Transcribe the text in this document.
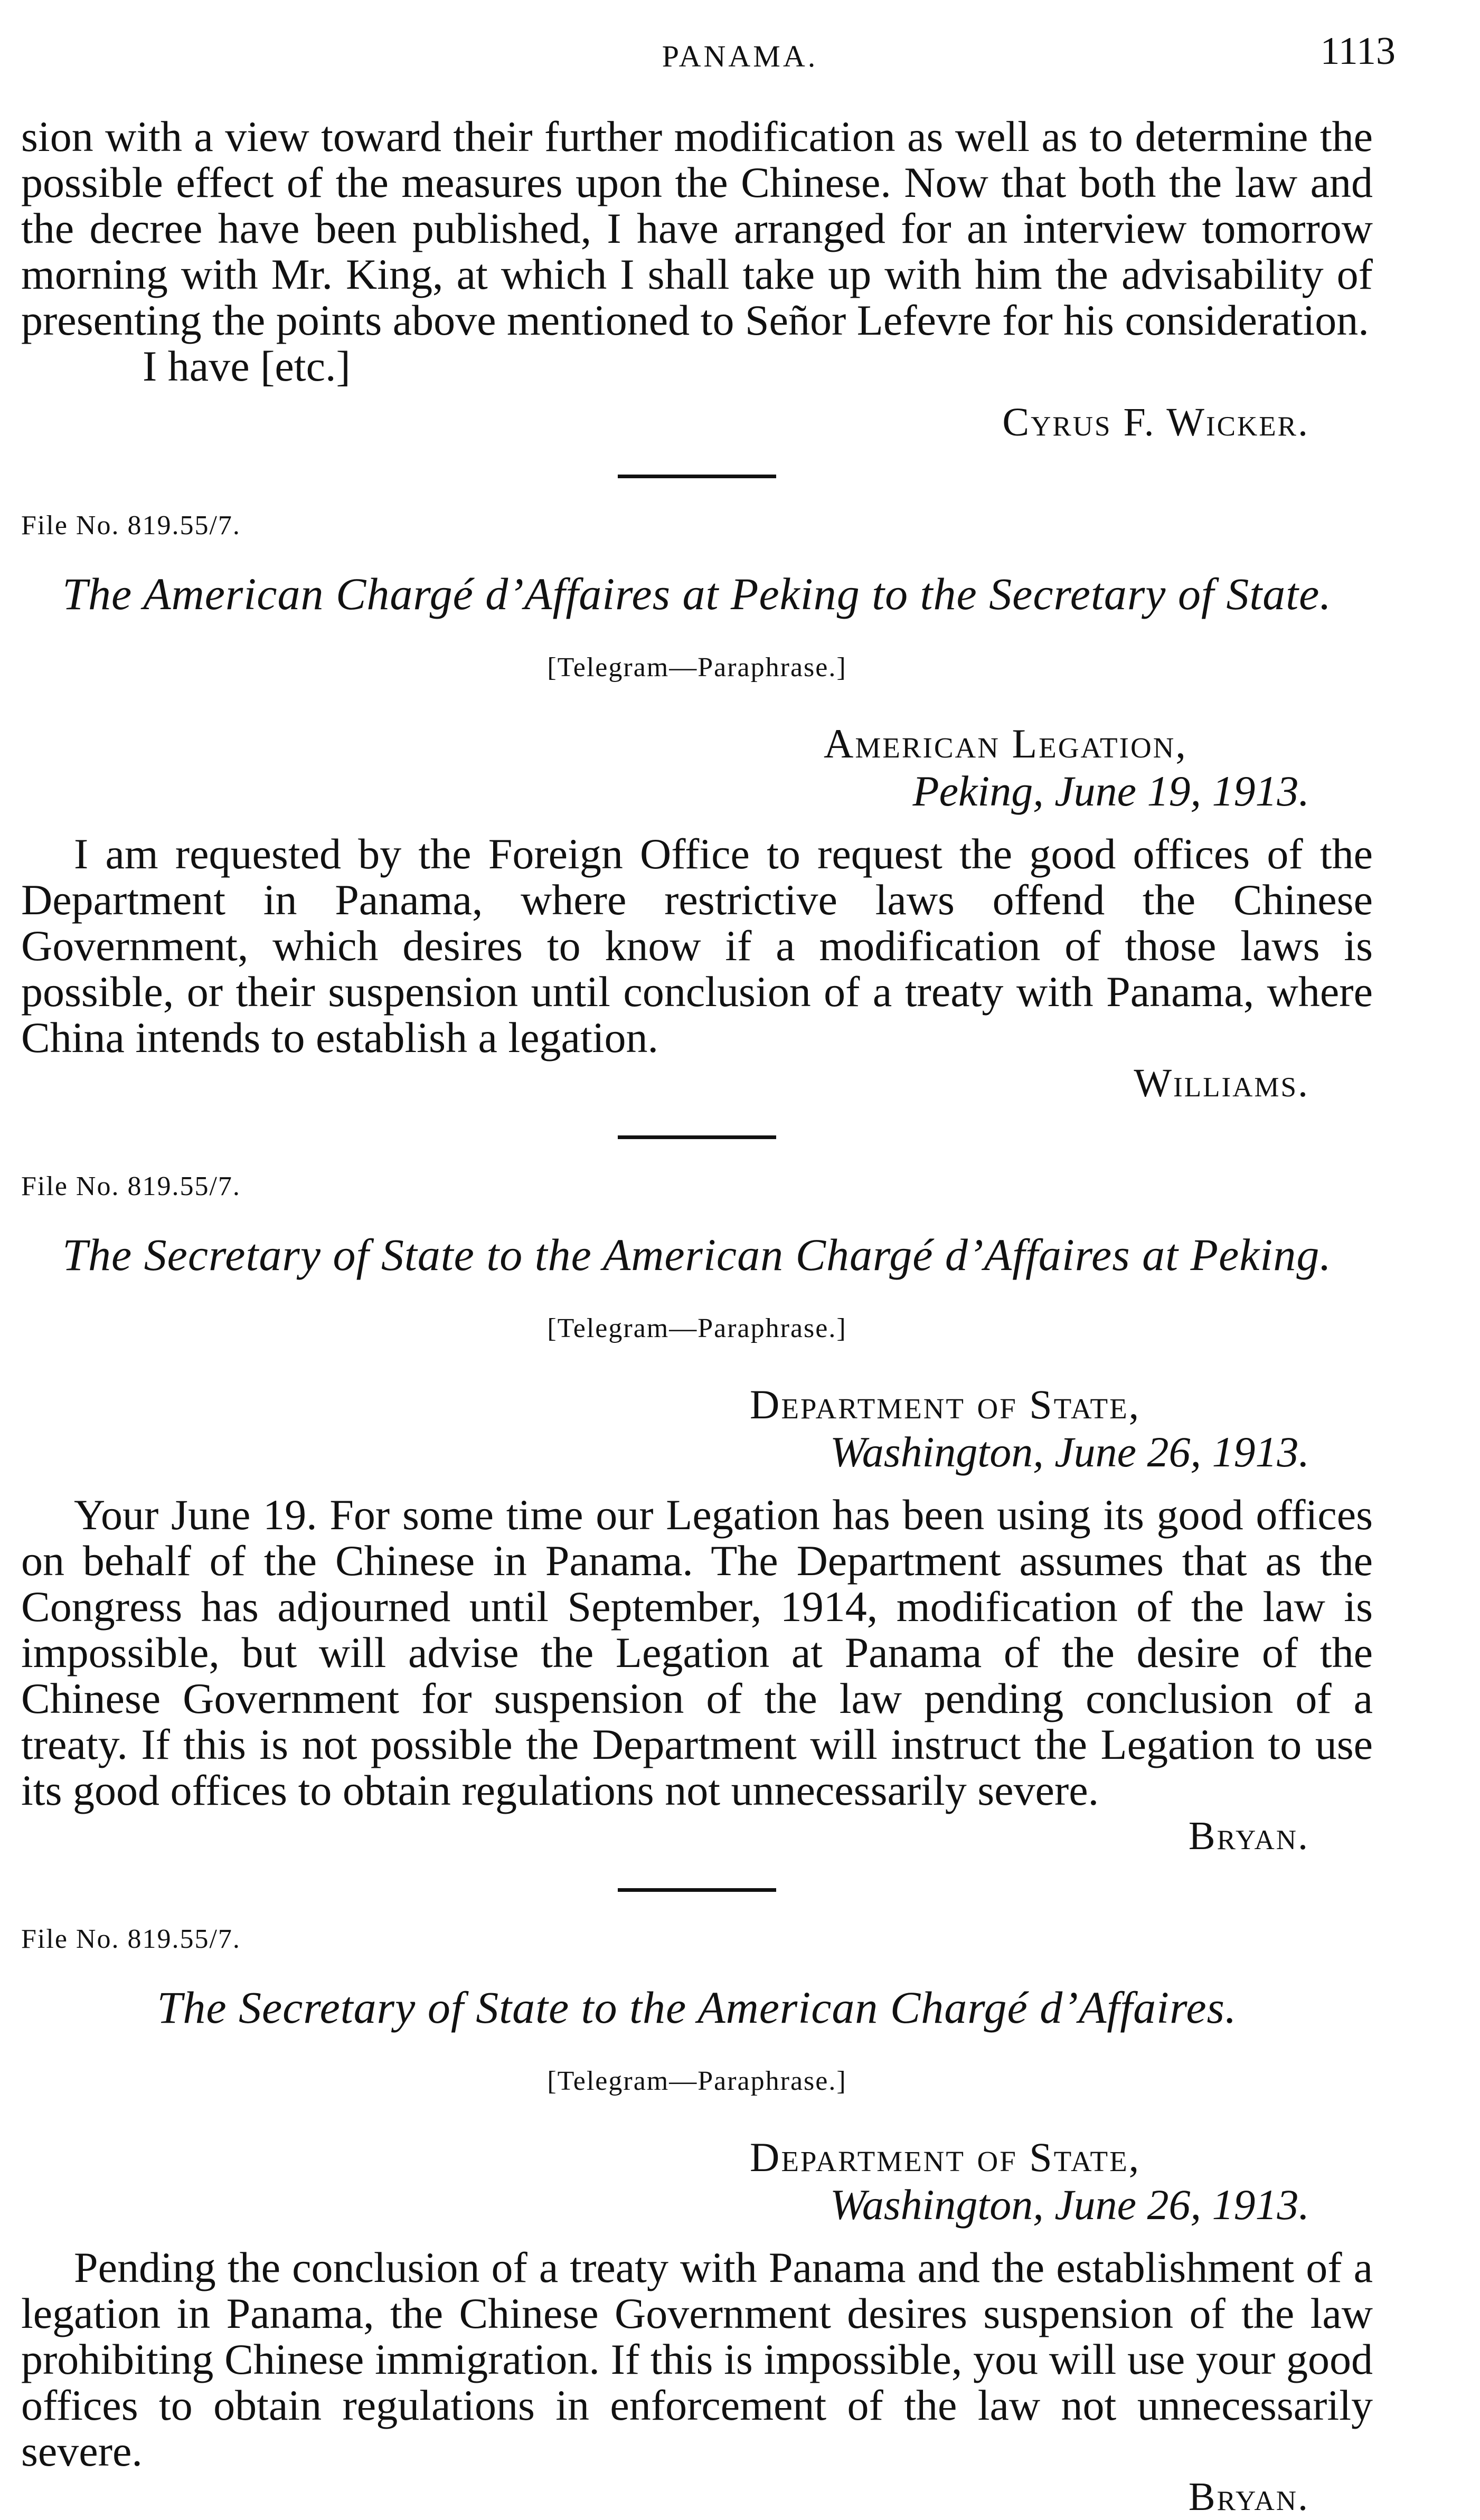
PANAMA.	1113

sion with a view toward their further modification as well as to determine the possible effect of the measures upon the Chinese. Now that both the law and the decree have been published, I have arranged for an interview tomorrow morning with Mr. King, at which I shall take up with him the advisability of presenting the points above mentioned to Señor Lefevre for his consideration.

I have [etc.]

Cyrus F. Wicker.

File No. 819.55/7.

The American Chargé d’Affaires at Peking to the Secretary of State.

[Telegram—Paraphrase.]

American Legation,

Peking, June 19, 1913.

I am requested by the Foreign Office to request the good offices of the Department in Panama, where restrictive laws offend the Chinese Government, which desires to know if a modification of those laws is possible, or their suspension until conclusion of a treaty with Panama, where China intends to establish a legation.

Williams.

File No. 819.55/7.

The Secretary of State to the American Chargé d’Affaires at Peking.

[Telegram—Paraphrase.]

Department of State,

Washington, June 26, 1913.

Your June 19. For some time our Legation has been using its good offices on behalf of the Chinese in Panama. The Department assumes that as the Congress has adjourned until September, 1914, modification of the law is impossible, but will advise the Legation at Panama of the desire of the Chinese Government for suspension of the law pending conclusion of a treaty. If this is not possible the Department will instruct the Legation to use its good offices to obtain regulations not unnecessarily severe.

Bryan.

File No. 819.55/7.

The Secretary of State to the American Chargé d’Affaires.

[Telegram—Paraphrase.]

Department of State,

Washington, June 26, 1913.

Pending the conclusion of a treaty with Panama and the establishment of a legation in Panama, the Chinese Government desires suspension of the law prohibiting Chinese immigration. If this is impossible, you will use your good offices to obtain regulations in enforcement of the law not unnecessarily severe.

Bryan.
